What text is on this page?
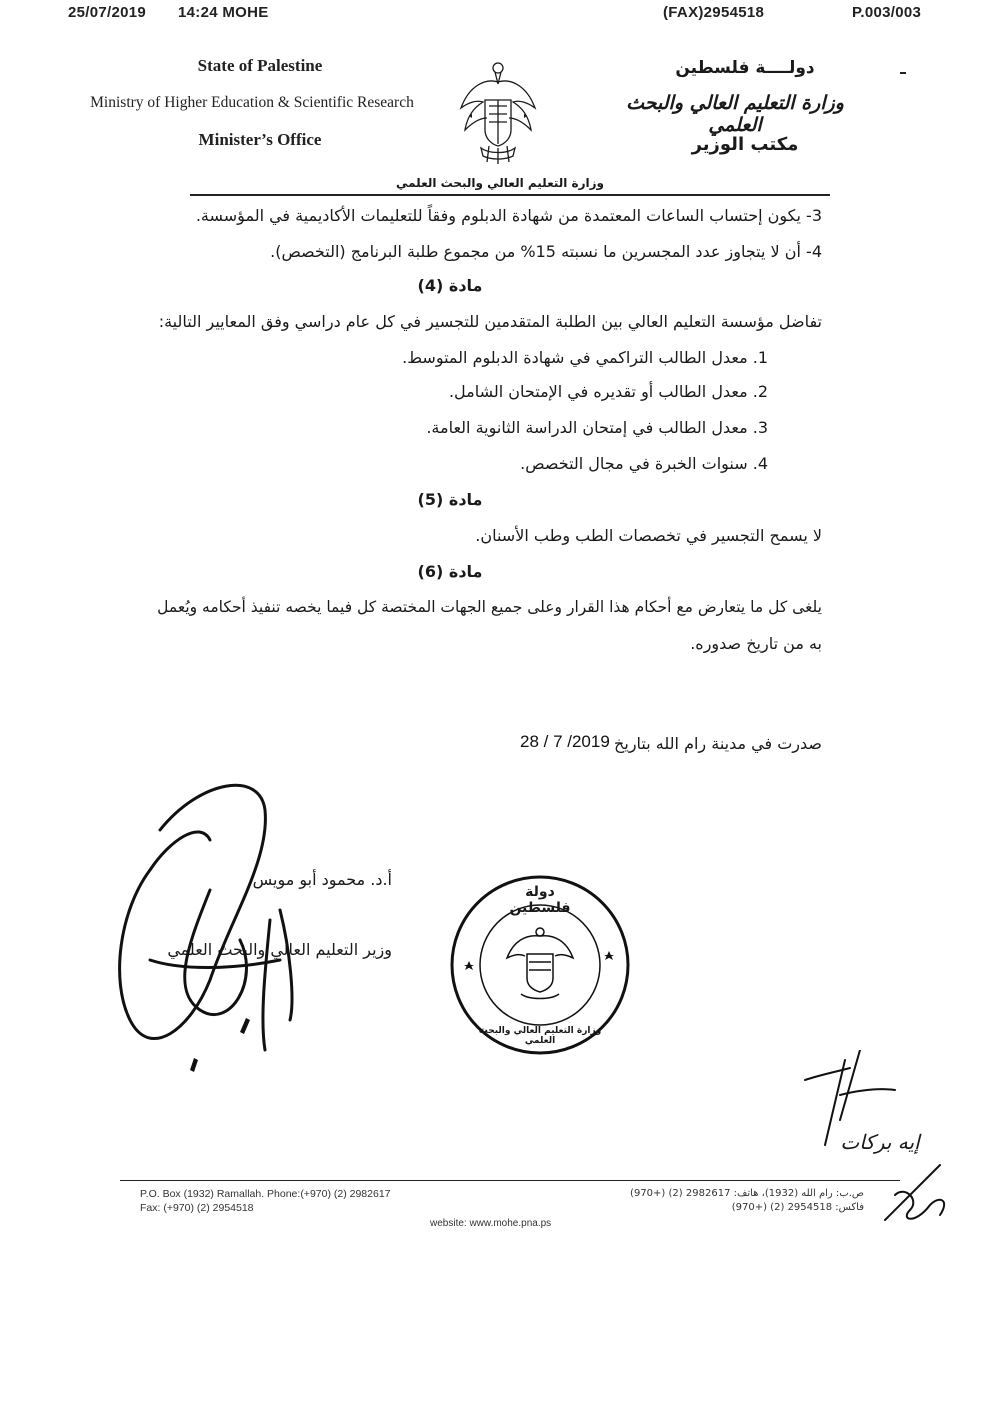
25/07/2019 14:24 MOHE	(FAX)2954518	P.003/003
State of Palestine
Ministry of Higher Education & Scientific Research
Minister’s Office
وزارة التعليم العالي والبحث العلمي
دولــــة فلسطين
وزارة التعليم العالي والبحث العلمي
مكتب الوزير
3- يكون إحتساب الساعات المعتمدة من شهادة الدبلوم وفقاً للتعليمات الأكاديمية في المؤسسة.
4- أن لا يتجاوز عدد المجسرين ما نسبته 15% من مجموع طلبة البرنامج (التخصص).
مادة (4)
تفاضل مؤسسة التعليم العالي بين الطلبة المتقدمين للتجسير في كل عام دراسي وفق المعايير التالية:
1. معدل الطالب التراكمي في شهادة الدبلوم المتوسط.
2. معدل الطالب أو تقديره في الإمتحان الشامل.
3. معدل الطالب في إمتحان الدراسة الثانوية العامة.
4. سنوات الخبرة في مجال التخصص.
مادة (5)
لا يسمح التجسير في تخصصات الطب وطب الأسنان.
مادة (6)
يلغى كل ما يتعارض مع أحكام هذا القرار وعلى جميع الجهات المختصة كل فيما يخصه تنفيذ أحكامه ويُعمل
به من تاريخ صدوره.
صدرت في مدينة رام الله بتاريخ
28 / 7 /2019
أ.د. محمود أبو مويس
وزير التعليم العالي والبحث العلمي
دولة فلسطين
وزارة التعليم العالي والبحث العلمي
إيه بركات
P.O. Box (1932) Ramallah. Phone:(+970) (2) 2982617
Fax: (+970) (2) 2954518
ص.ب: رام الله (1932)، هاتف: 2982617 (2) (+970)
فاكس: 2954518 (2) (+970)
website: www.mohe.pna.ps
